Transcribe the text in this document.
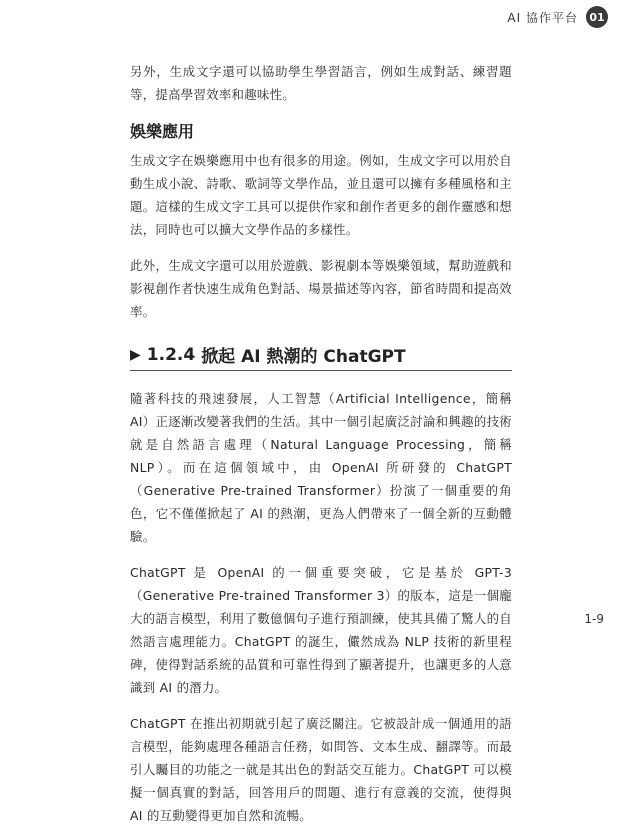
AI 協作平台	01

另外，生成文字還可以協助學生學習語言，例如生成對話、練習題等，提高學習效率和趣味性。

娛樂應用

生成文字在娛樂應用中也有很多的用途。例如，生成文字可以用於自動生成小說、詩歌、歌詞等文學作品，並且還可以擁有多種風格和主題。這樣的生成文字工具可以提供作家和創作者更多的創作靈感和想法，同時也可以擴大文學作品的多樣性。

此外，生成文字還可以用於遊戲、影視劇本等娛樂領域，幫助遊戲和影視創作者快速生成角色對話、場景描述等內容，節省時間和提高效率。

▶ 1.2.4 掀起 AI 熱潮的 ChatGPT

隨著科技的飛速發展，人工智慧（Artificial Intelligence，簡稱 AI）正逐漸改變著我們的生活。其中一個引起廣泛討論和興趣的技術就是自然語言處理（Natural Language Processing，簡稱 NLP）。而在這個領域中，由 OpenAI 所研發的 ChatGPT（Generative Pre-trained Transformer）扮演了一個重要的角色，它不僅僅掀起了 AI 的熱潮，更為人們帶來了一個全新的互動體驗。

ChatGPT 是 OpenAI 的一個重要突破，它是基於 GPT-3（Generative Pre-trained Transformer 3）的版本，這是一個龐大的語言模型，利用了數億個句子進行預訓練，使其具備了驚人的自然語言處理能力。ChatGPT 的誕生，儼然成為 NLP 技術的新里程碑，使得對話系統的品質和可靠性得到了顯著提升，也讓更多的人意識到 AI 的潛力。

ChatGPT 在推出初期就引起了廣泛關注。它被設計成一個通用的語言模型，能夠處理各種語言任務，如問答、文本生成、翻譯等。而最引人矚目的功能之一就是其出色的對話交互能力。ChatGPT 可以模擬一個真實的對話，回答用戶的問題、進行有意義的交流，使得與 AI 的互動變得更加自然和流暢。

1-9
